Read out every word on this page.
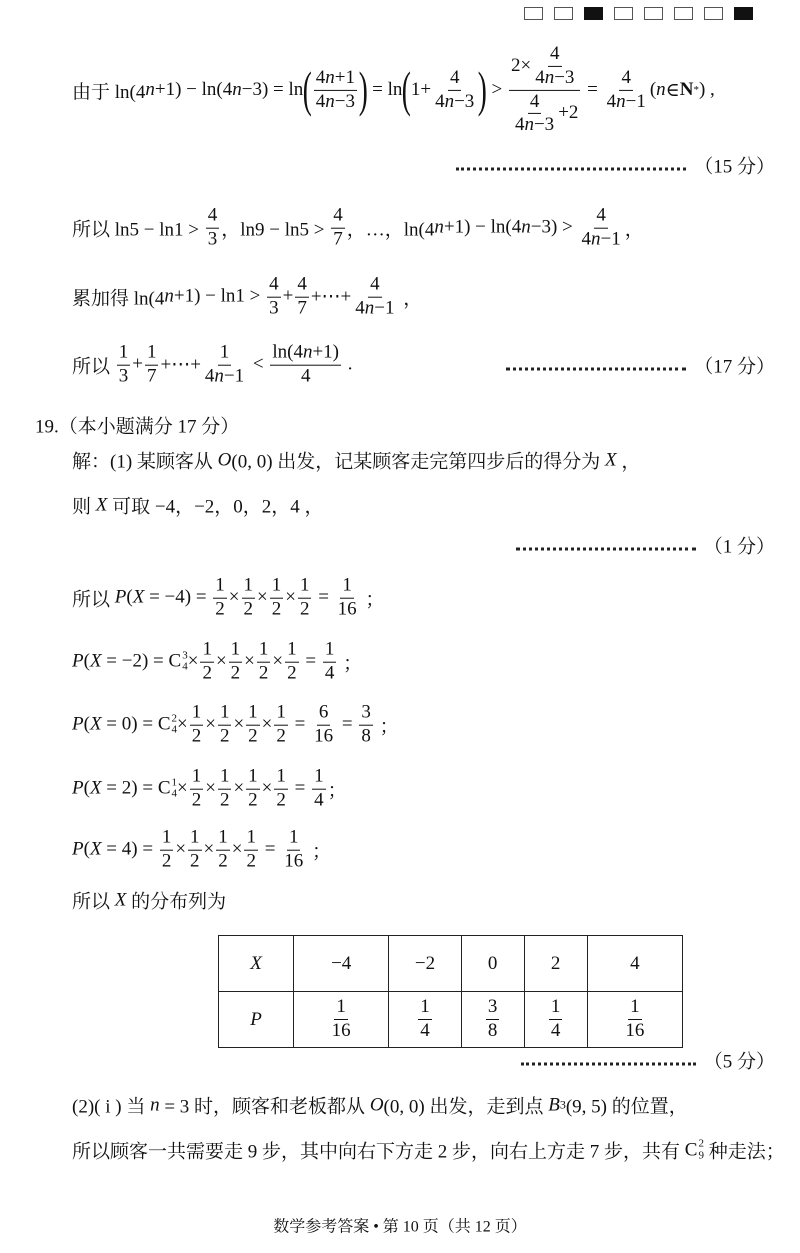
由于 ln(4 n +1) − ln(4 n −3) = ln ( $\frac{4 n +1}{4 n -3}$ ) = ln ( $1+ \frac{4}{4 n -3}$ ) > $\frac{2\times \frac{4}{4 n -3}}{\frac{4}{4 n -3} +2} = \frac{4}{4 n -1}$ ( n ∈ N * ) ,
所以 $\ln 5 - \ln 1 > \frac{4}{3}$ ，$\ln 9 - \ln 5 > \frac{4}{7}$ ，…，ln(4 n +1) − ln(4 $n -3) > \frac{4}{4 n -1}$ ，
累加得 ln(4 $n +1) - \ln 1 > \frac{4}{3} + \frac{4}{7}$ +⋯+ $\frac{4}{4 n -1}$ ，
所以 $\frac{1}{3} + \frac{1}{7}$ +⋯+ $\frac{1}{4 n -1} < \frac{\ln(4 n +1)}{4}$ .
19.（本小题满分 17 分）
解：(1) 某顾客从 O (0, 0) 出发，记某顾客走完第四步后的得分为 X ，
则 X 可取 −4，−2，0，2，4 ，
所以 P ( $X = -4) = \frac{1}{2} \times \frac{1}{2} \times \frac{1}{2} \times \frac{1}{2} = \frac{1}{16}$ ；
P ( X = −2) = C 3
$4 \times \frac{1}{2} \times \frac{1}{2} \times \frac{1}{2} \times \frac{1}{2} = \frac{1}{4}$ ；
P ( X = 0) = C 2
$4 \times \frac{1}{2} \times \frac{1}{2} \times \frac{1}{2} \times \frac{1}{2} = \frac{6}{16} = \frac{3}{8}$ ；
P ( X = 2) = C 1
$4 \times \frac{1}{2} \times \frac{1}{2} \times \frac{1}{2} \times \frac{1}{2} = \frac{1}{4}$ ；
P ( $X = 4) = \frac{1}{2} \times \frac{1}{2} \times \frac{1}{2} \times \frac{1}{2} = \frac{1}{16}$ ；
所以 X 的分布列为
(2)( i ) 当 n = 3 时，顾客和老板都从 O (0, 0) 出发，走到点 B 3 (9, 5) 的位置，
所以顾客一共需要走 9 步，其中向右下方走 2 步，向右上方走 7 步，共有 C 2
9 种走法；
（15 分）
（17 分）
（1 分）
（5 分）
X	−4	−2	0	2	4
P	$\frac{1}{16}$	$\frac{1}{4}$	$\frac{3}{8}$	$\frac{1}{4}$	$\frac{1}{16}$
数学参考答案 • 第 10 页（共 12 页）
